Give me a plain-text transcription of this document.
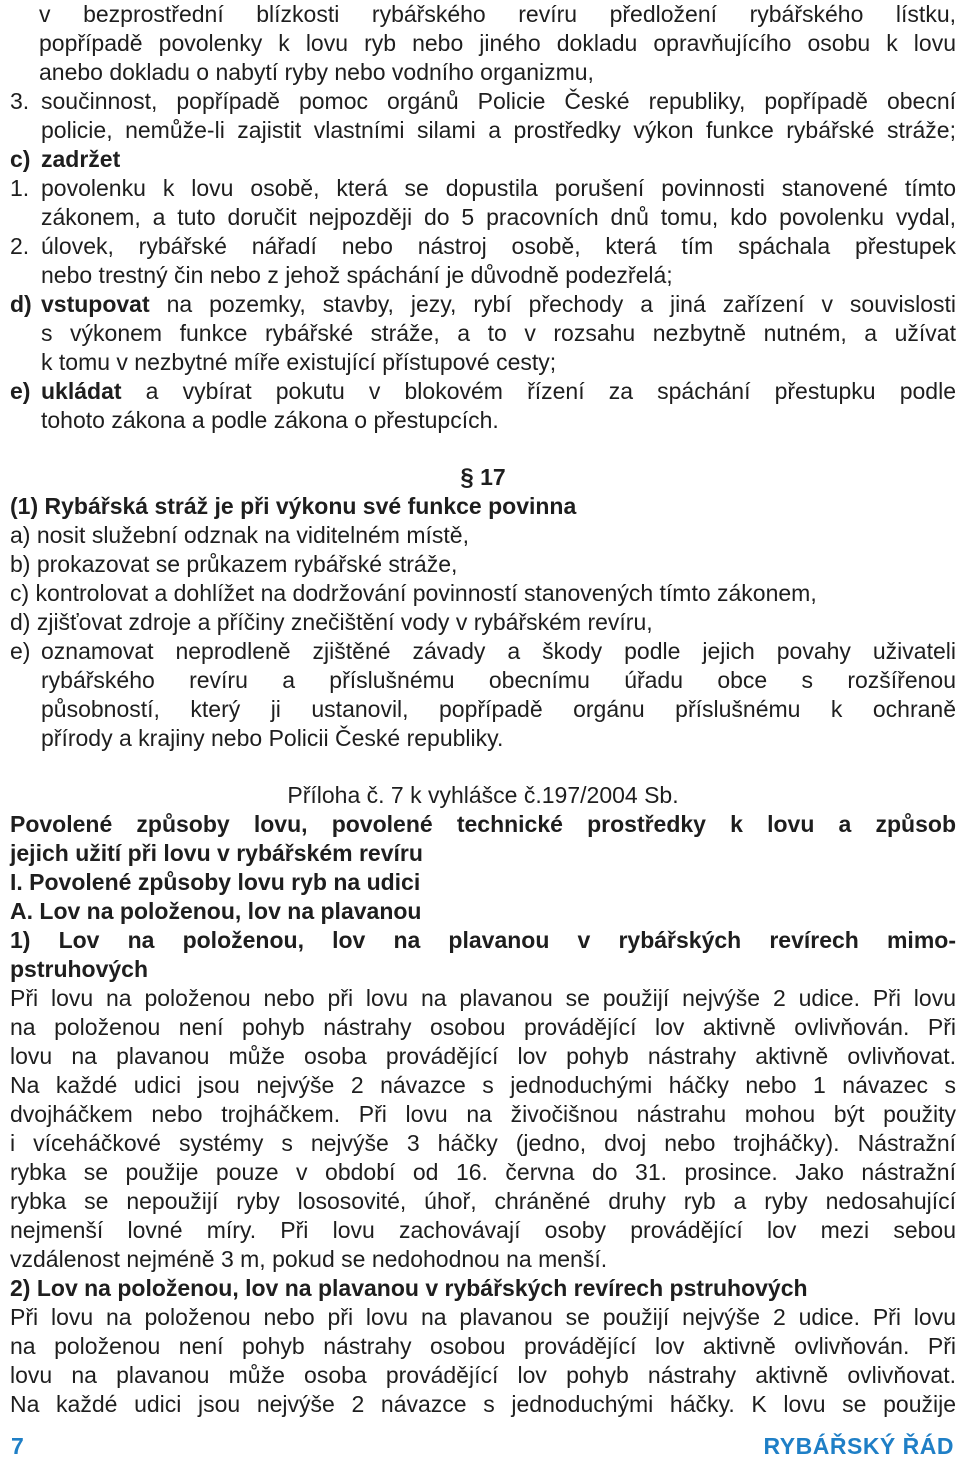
v bezprostřední blízkosti rybářského revíru předložení rybářského lístku,
popřípadě povolenky k lovu ryb nebo jiného dokladu opravňujícího osobu k lovu
anebo dokladu o nabytí ryby nebo vodního organizmu,
3. součinnost, popřípadě pomoc orgánů Policie České republiky, popřípadě obecní
policie, nemůže-li zajistit vlastními silami a prostředky výkon funkce rybářské stráže;
c) zadržet
1. povolenku k lovu osobě, která se dopustila porušení povinnosti stanovené tímto
zákonem, a tuto doručit nejpozději do 5 pracovních dnů tomu, kdo povolenku vydal,
2. úlovek, rybářské nářadí nebo nástroj osobě, která tím spáchala přestupek
nebo trestný čin nebo z jehož spáchání je důvodně podezřelá;
d) vstupovat na pozemky, stavby, jezy, rybí přechody a jiná zařízení v souvislosti
s výkonem funkce rybářské stráže, a to v rozsahu nezbytně nutném, a užívat
k tomu v nezbytné míře existující přístupové cesty;
e) ukládat a vybírat pokutu v blokovém řízení za spáchání přestupku podle
tohoto zákona a podle zákona o přestupcích.
§ 17
(1) Rybářská stráž je při výkonu své funkce povinna
a) nosit služební odznak na viditelném místě,
b) prokazovat se průkazem rybářské stráže,
c) kontrolovat a dohlížet na dodržování povinností stanovených tímto zákonem,
d) zjišťovat zdroje a příčiny znečištění vody v rybářském revíru,
e) oznamovat neprodleně zjištěné závady a škody podle jejich povahy uživateli
rybářského revíru a příslušnému obecnímu úřadu obce s rozšířenou
působností, který ji ustanovil, popřípadě orgánu příslušnému k ochraně
přírody a krajiny nebo Policii České republiky.
Příloha č. 7 k vyhlášce č.197/2004 Sb.
Povolené způsoby lovu, povolené technické prostředky k lovu a způsob
jejich užití při lovu v rybářském revíru
I. Povolené způsoby lovu ryb na udici
A. Lov na položenou, lov na plavanou
1) Lov na položenou, lov na plavanou v rybářských revírech mimo-
pstruhových
Při lovu na položenou nebo při lovu na plavanou se použijí nejvýše 2 udice. Při lovu
na položenou není pohyb nástrahy osobou provádějící lov aktivně ovlivňován. Při
lovu na plavanou může osoba provádějící lov pohyb nástrahy aktivně ovlivňovat.
Na každé udici jsou nejvýše 2 návazce s jednoduchými háčky nebo 1 návazec s
dvojháčkem nebo trojháčkem. Při lovu na živočišnou nástrahu mohou být použity
i víceháčkové systémy s nejvýše 3 háčky (jedno, dvoj nebo trojháčky). Nástražní
rybka se použije pouze v období od 16. června do 31. prosince. Jako nástražní
rybka se nepoužijí ryby lososovité, úhoř, chráněné druhy ryb a ryby nedosahující
nejmenší lovné míry. Při lovu zachovávají osoby provádějící lov mezi sebou
vzdálenost nejméně 3 m, pokud se nedohodnou na menší.
2) Lov na položenou, lov na plavanou v rybářských revírech pstruhových
Při lovu na položenou nebo při lovu na plavanou se použijí nejvýše 2 udice. Při lovu
na položenou není pohyb nástrahy osobou provádějící lov aktivně ovlivňován. Při
lovu na plavanou může osoba provádějící lov pohyb nástrahy aktivně ovlivňovat.
Na každé udici jsou nejvýše 2 návazce s jednoduchými háčky. K lovu se použije
7	RYBÁŘSKÝ ŘÁD
